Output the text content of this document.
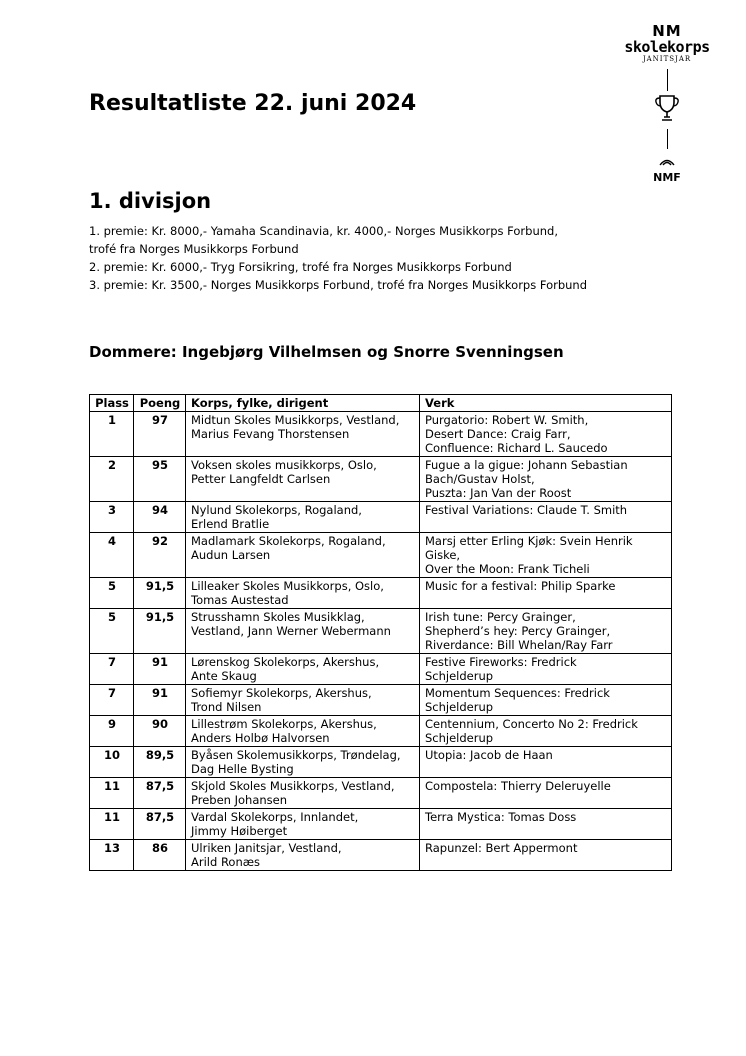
NM
skolekorps
JANITSJAR
NMF
Resultatliste 22. juni 2024
1. divisjon
1. premie: Kr. 8000,- Yamaha Scandinavia, kr. 4000,- Norges Musikkorps Forbund,
trofé fra Norges Musikkorps Forbund
2. premie: Kr. 6000,- Tryg Forsikring, trofé fra Norges Musikkorps Forbund
3. premie: Kr. 3500,- Norges Musikkorps Forbund, trofé fra Norges Musikkorps Forbund
Dommere: Ingebjørg Vilhelmsen og Snorre Svenningsen
Plass	Poeng	Korps, fylke, dirigent	Verk
1	97	Midtun Skoles Musikkorps, Vestland,
Marius Fevang Thorstensen	Purgatorio: Robert W. Smith,
Desert Dance: Craig Farr,
Confluence: Richard L. Saucedo

2	95	Voksen skoles musikkorps, Oslo,
Petter Langfeldt Carlsen	Fugue a la gigue: Johann Sebastian
Bach/Gustav Holst,
Puszta: Jan Van der Roost

3	94	Nylund Skolekorps, Rogaland,
Erlend Bratlie	Festival Variations: Claude T. Smith

4	92	Madlamark Skolekorps, Rogaland,
Audun Larsen	Marsj etter Erling Kjøk: Svein Henrik
Giske,
Over the Moon: Frank Ticheli

5	91,5	Lilleaker Skoles Musikkorps, Oslo,
Tomas Austestad	Music for a festival: Philip Sparke

5	91,5	Strusshamn Skoles Musikklag,
Vestland, Jann Werner Webermann	Irish tune: Percy Grainger,
Shepherd’s hey: Percy Grainger,
Riverdance: Bill Whelan/Ray Farr

7	91	Lørenskog Skolekorps, Akershus,
Ante Skaug	Festive Fireworks: Fredrick
Schjelderup

7	91	Sofiemyr Skolekorps, Akershus,
Trond Nilsen	Momentum Sequences: Fredrick
Schjelderup

9	90	Lillestrøm Skolekorps, Akershus,
Anders Holbø Halvorsen	Centennium, Concerto No 2: Fredrick
Schjelderup

10	89,5	Byåsen Skolemusikkorps, Trøndelag,
Dag Helle Bysting	Utopia: Jacob de Haan

11	87,5	Skjold Skoles Musikkorps, Vestland,
Preben Johansen	Compostela: Thierry Deleruyelle

11	87,5	Vardal Skolekorps, Innlandet,
Jimmy Høiberget	Terra Mystica: Tomas Doss

13	86	Ulriken Janitsjar, Vestland,
Arild Ronæs	Rapunzel: Bert Appermont
